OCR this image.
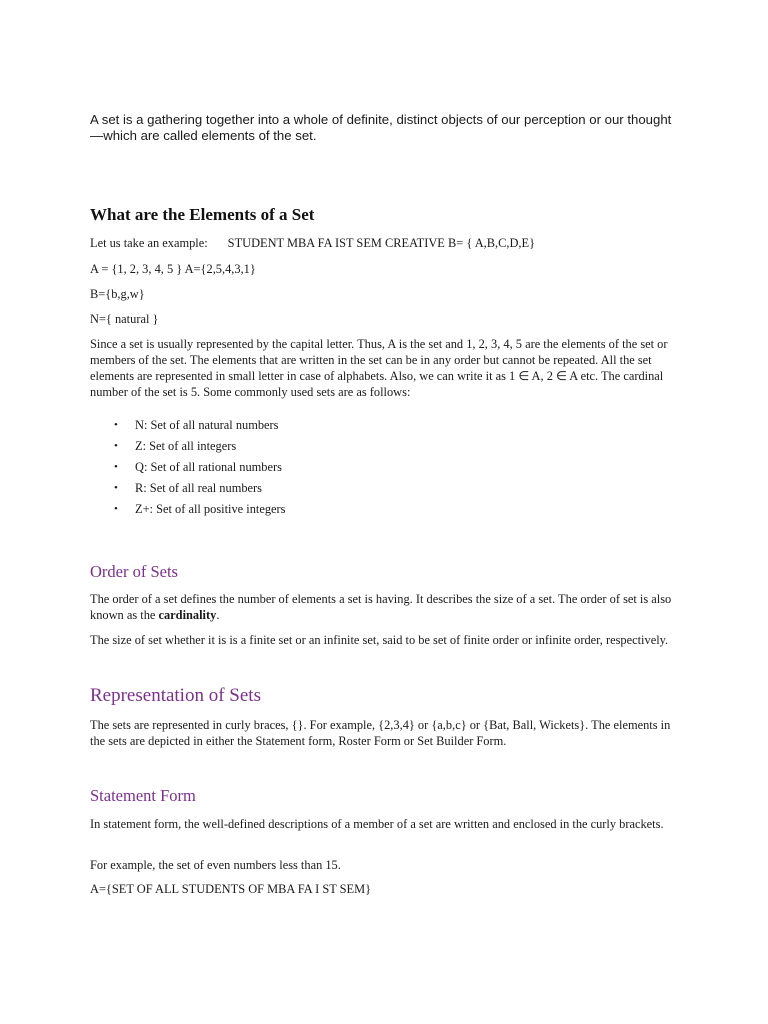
A set is a gathering together into a whole of definite, distinct objects of our perception or our thought —which are called elements of the set.

What are the Elements of a Set

Let us take an example: STUDENT MBA FA IST SEM CREATIVE B= { A,B,C,D,E}

A = {1, 2, 3, 4, 5 } A={2,5,4,3,1}

B={b,g,w}

N={ natural }

Since a set is usually represented by the capital letter. Thus, A is the set and 1, 2, 3, 4, 5 are the elements of the set or members of the set. The elements that are written in the set can be in any order but cannot be repeated. All the set elements are represented in small letter in case of alphabets. Also, we can write it as 1 ∈ A, 2 ∈ A etc. The cardinal number of the set is 5. Some commonly used sets are as follows:

• N: Set of all natural numbers
• Z: Set of all integers
• Q: Set of all rational numbers
• R: Set of all real numbers
• Z+: Set of all positive integers
Order of Sets

The order of a set defines the number of elements a set is having. It describes the size of a set. The order of set is also known as the cardinality.

The size of set whether it is is a finite set or an infinite set, said to be set of finite order or infinite order, respectively.

Representation of Sets

The sets are represented in curly braces, {}. For example, {2,3,4} or {a,b,c} or {Bat, Ball, Wickets}. The elements in the sets are depicted in either the Statement form, Roster Form or Set Builder Form.

Statement Form

In statement form, the well-defined descriptions of a member of a set are written and enclosed in the curly brackets.

For example, the set of even numbers less than 15.

A={SET OF ALL STUDENTS OF MBA FA I ST SEM}
